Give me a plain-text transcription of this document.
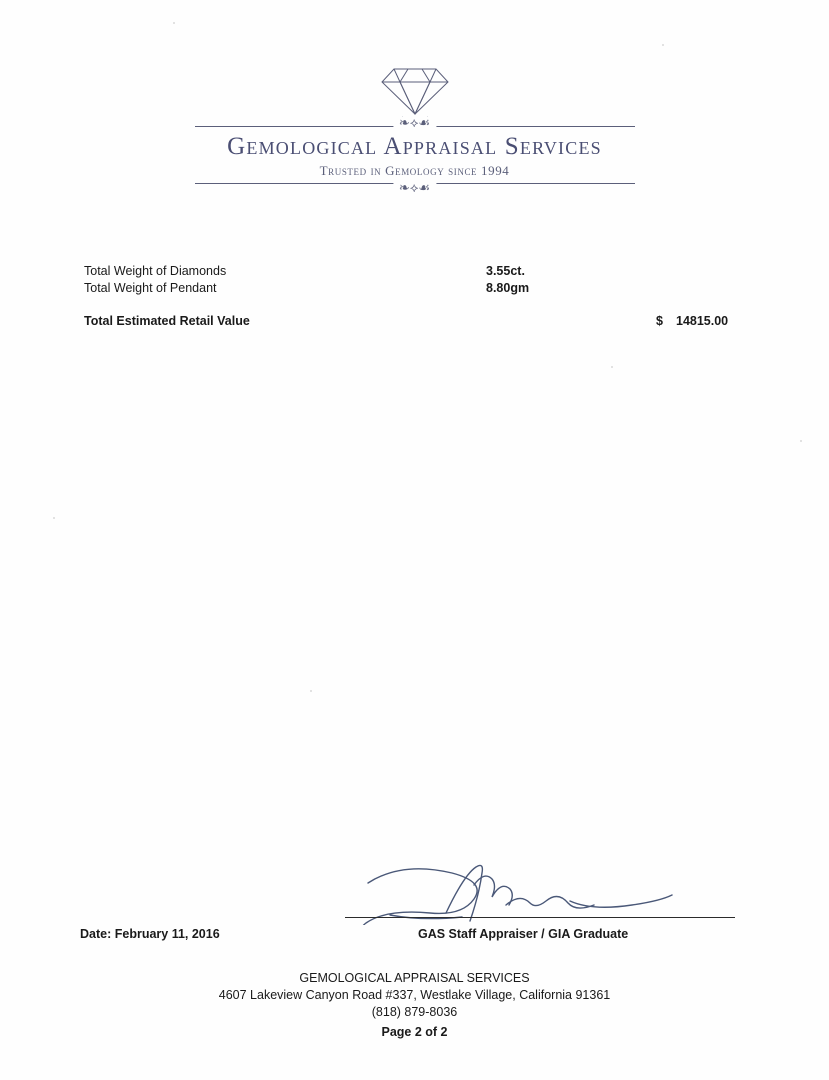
❧⟡☙
Gemological Appraisal Services
Trusted in Gemology since 1994
❧⟡☙
Total Weight of Diamonds	3.55ct.
Total Weight of Pendant	8.80gm
Total Estimated Retail Value	$ 14815.00
Date: February 11, 2016	GAS Staff Appraiser / GIA Graduate
GEMOLOGICAL APPRAISAL SERVICES
4607 Lakeview Canyon Road #337, Westlake Village, California 91361
(818) 879-8036
Page 2 of 2
